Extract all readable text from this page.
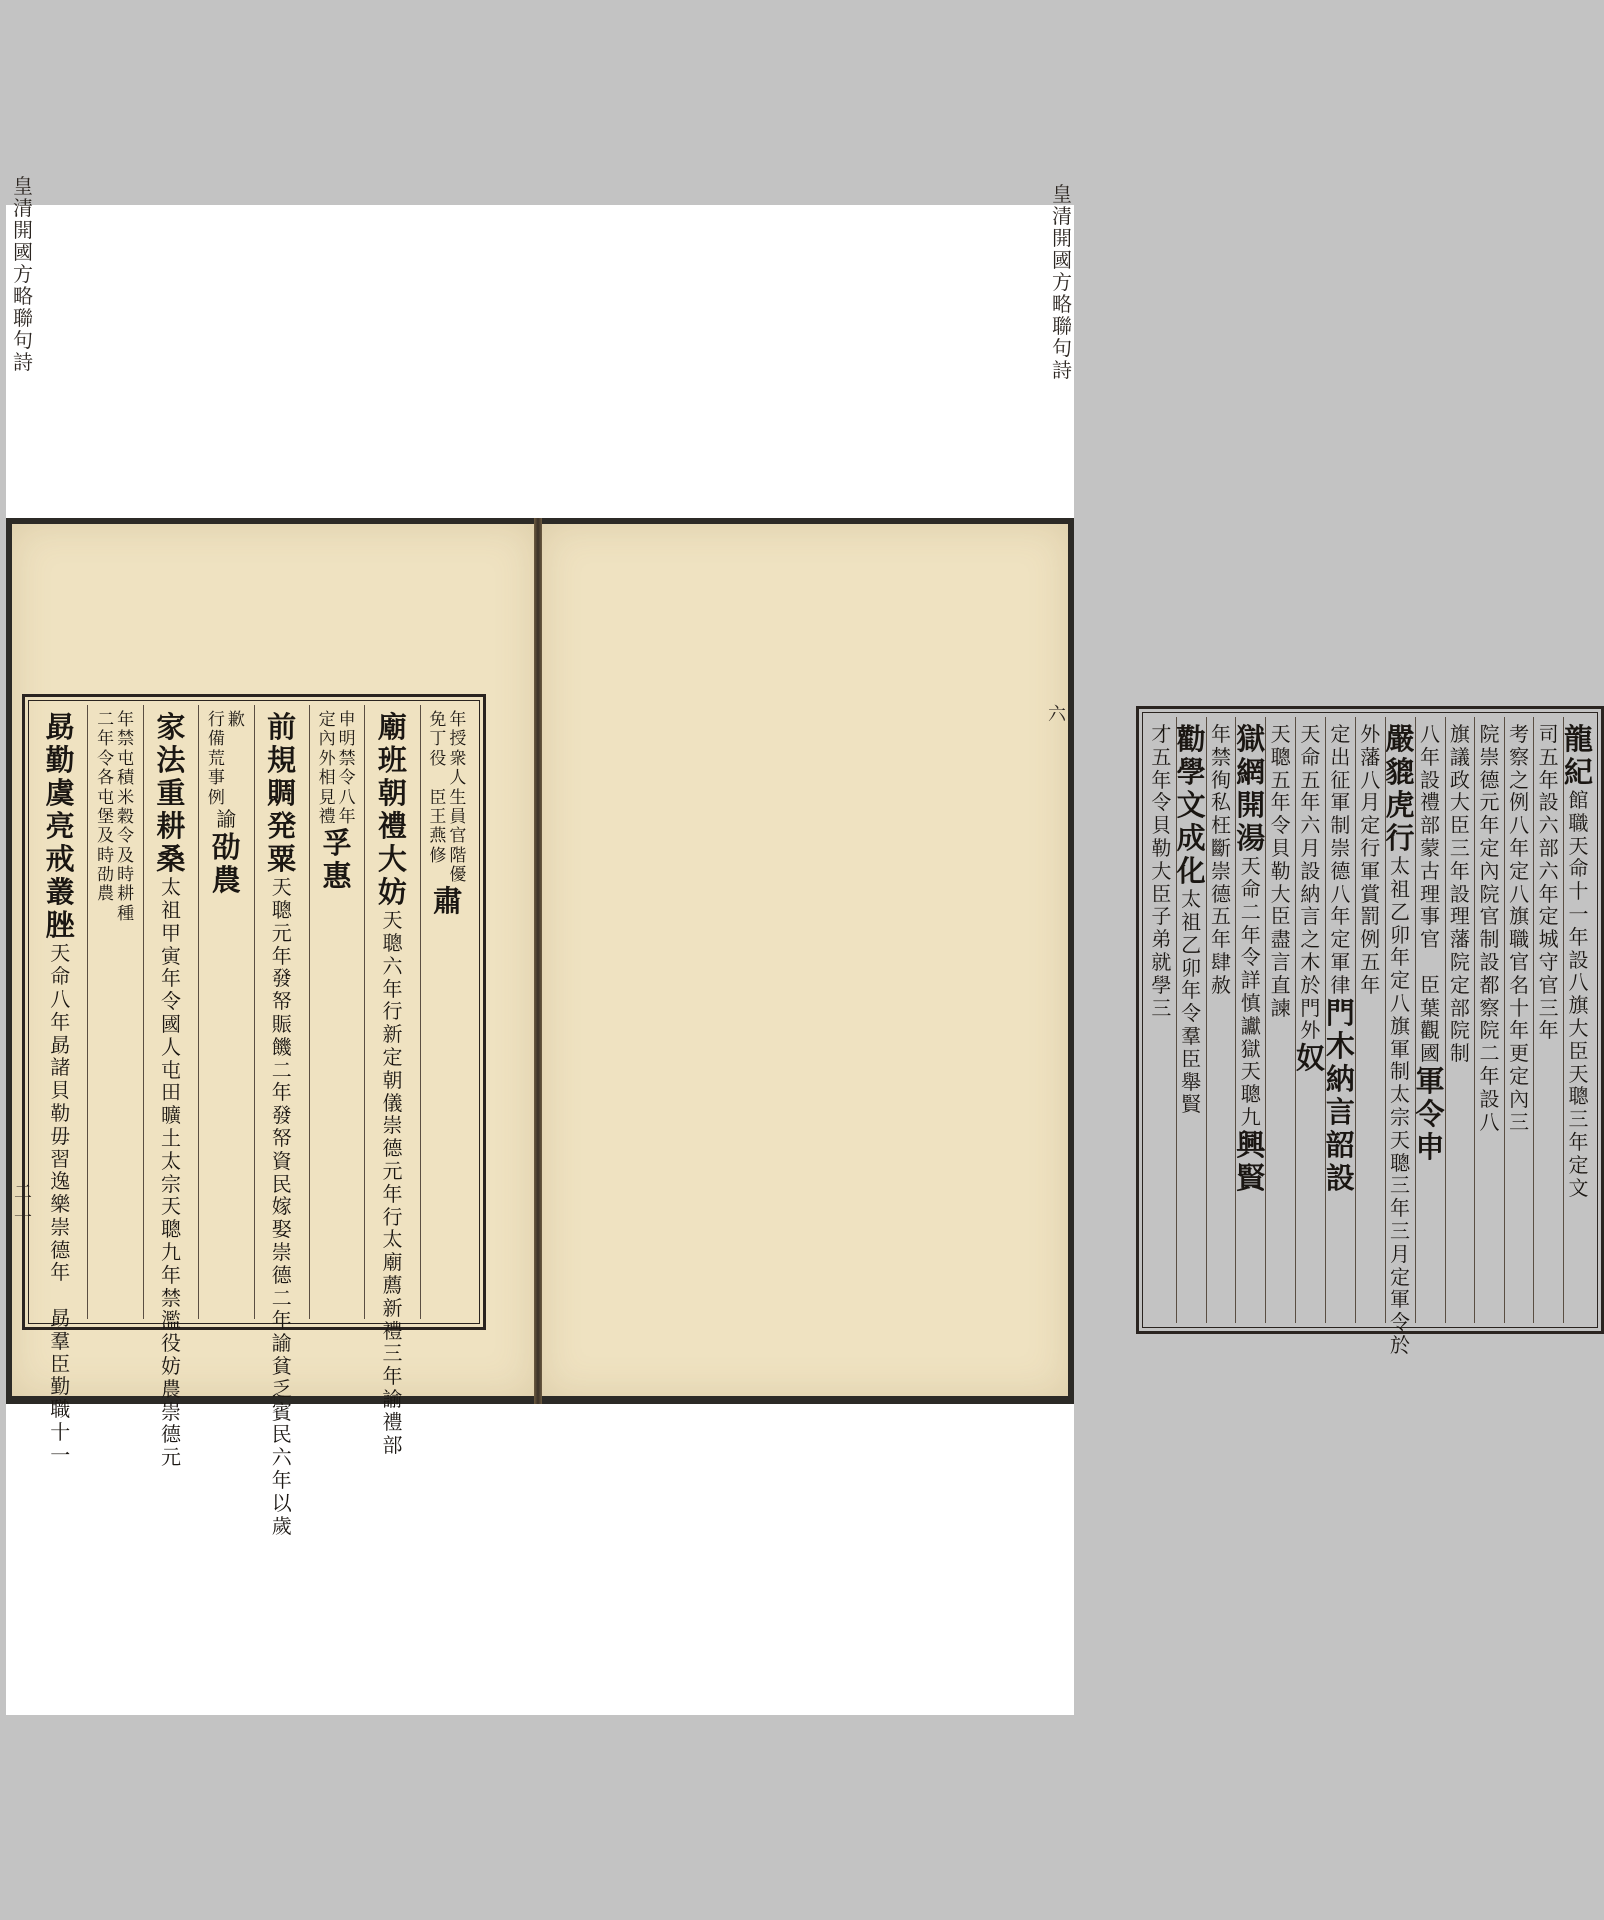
年
授
衆
人
生
員
官
階
優
免
丁
役

臣
王
燕
修
肅
廟
班
朝
禮
大
妨
天
聰
六
年
行
新
定
朝
儀
崇
德
元
年
行
太
廟
薦
新
禮
三
年
諭
禮
部
申
明
禁
令
八
年
定
內
外
相
見
禮
孚
惠
前
規
賙
発
粟
天
聰
元
年
發
帑
賑
饑
二
年
發
帑
資
民
嫁
娶
崇
德
二
年
諭
貧
乏
賓
民
六
年
以
歲
歉
行
備
荒
事
例
諭
劭
農
家
法
重
耕
桑
太
祖
甲
寅
年
令
國
人
屯
田
曠
土
太
宗
天
聰
九
年
禁
濫
役
妨
農
崇
德
元
年
禁
屯
積
米
穀
令
及
時
耕
種
二
年
令
各
屯
堡
及
時
劭
農
勗
勤
虞
亮
戒
叢
脞
天
命
八
年
勗
諸
貝
勒
毋
習
逸
樂
崇
德
年

勗
羣
臣
勤
職
十
一
龍
紀
館
職
天
命
十
一
年
設
八
旗
大
臣
天
聰
三
年
定
文
司
五
年
設
六
部
六
年
定
城
守
官
三
年
考
察
之
例
八
年
定
八
旗
職
官
名
十
年
更
定
內
三
院
崇
德
元
年
定
內
院
官
制
設
都
察
院
二
年
設
八
旗
議
政
大
臣
三
年
設
理
藩
院
定
部
院
制
八
年
設
禮
部
蒙
古
理
事
官

臣
葉
觀
國
軍
令
申
嚴
貔
虎
行
太
祖
乙
卯
年
定
八
旗
軍
制
太
宗
天
聰
三
年
三
月
定
軍
令
於
外
藩
八
月
定
行
軍
賞
罰
例
五
年
定
出
征
軍
制
崇
德
八
年
定
軍
律
門
木
納
言
韶
設
天
命
五
年
六
月
設
納
言
之
木
於
門
外
奴
天
聰
五
年
令
貝
勒
大
臣
盡
言
直
諫
獄
網
開
湯
天
命
二
年
令
詳
慎
讞
獄
天
聰
九
興
賢
年
禁
徇
私
枉
斷
崇
德
五
年
肆
赦
勸
學
文
成
化
太
祖
乙
卯
年
令
羣
臣
舉
賢
才
五
年
令
貝
勒
大
臣
子
弟
就
學
三
皇
清
開
國
方
略
聯
句
詩
二
十
皇
清
開
國
方
略
聯
句
詩
六
